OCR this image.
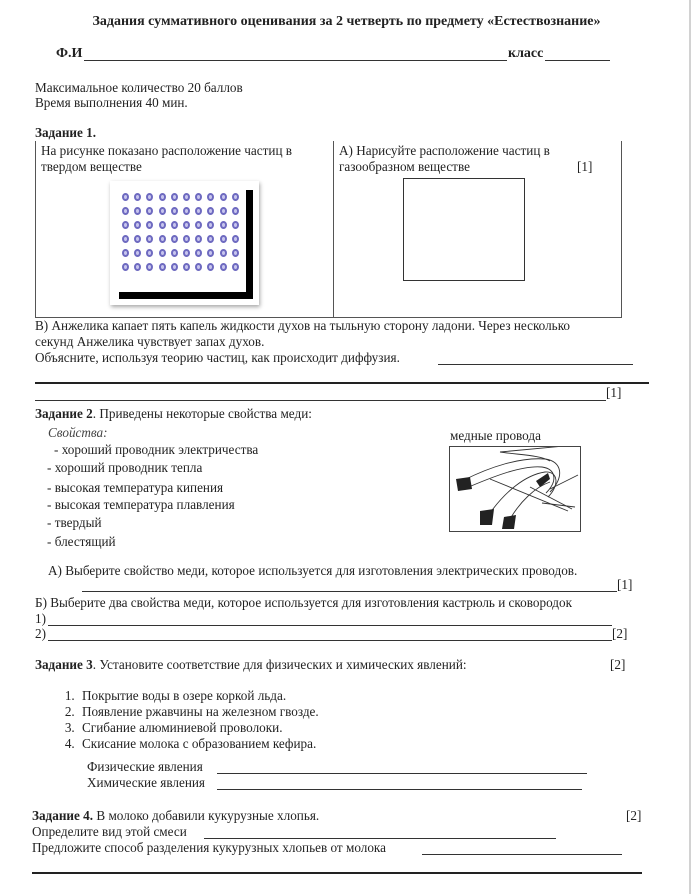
Задания суммативного оценивания за 2 четверть по предмету «Естествознание»
Ф.И	класс
Максимальное количество 20 баллов
Время выполнения 40 мин.
Задание 1.
На рисунке показано расположение частиц в
твердом веществе
А) Нарисуйте расположение частиц в
газообразном веществе	[1]
В) Анжелика капает пять капель жидкости духов на тыльную сторону ладони. Через несколько
секунд Анжелика чувствует запах духов.
Объясните, используя теорию частиц, как происходит диффузия.
[1]
Задание 2. Приведены некоторые свойства меди:
Свойства:
- хороший проводник электричества
- хороший проводник тепла
- высокая температура кипения
- высокая температура плавления
- твердый
- блестящий
медные провода
А) Выберите свойство меди, которое используется для изготовления электрических проводов.
[1]
Б) Выберите два свойства меди, которое используется для изготовления кастрюль и сковородок
1)
2)	[2]
Задание 3. Установите соответствие для физических и химических явлений:	[2]
1. Покрытие воды в озере коркой льда.
2. Появление ржавчины на железном гвозде.
3. Сгибание алюминиевой проволоки.
4. Скисание молока с образованием кефира.
Физические явления
Химические явления
Задание 4. В молоко добавили кукурузные хлопья.	[2]
Определите вид этой смеси
Предложите способ разделения кукурузных хлопьев от молока
